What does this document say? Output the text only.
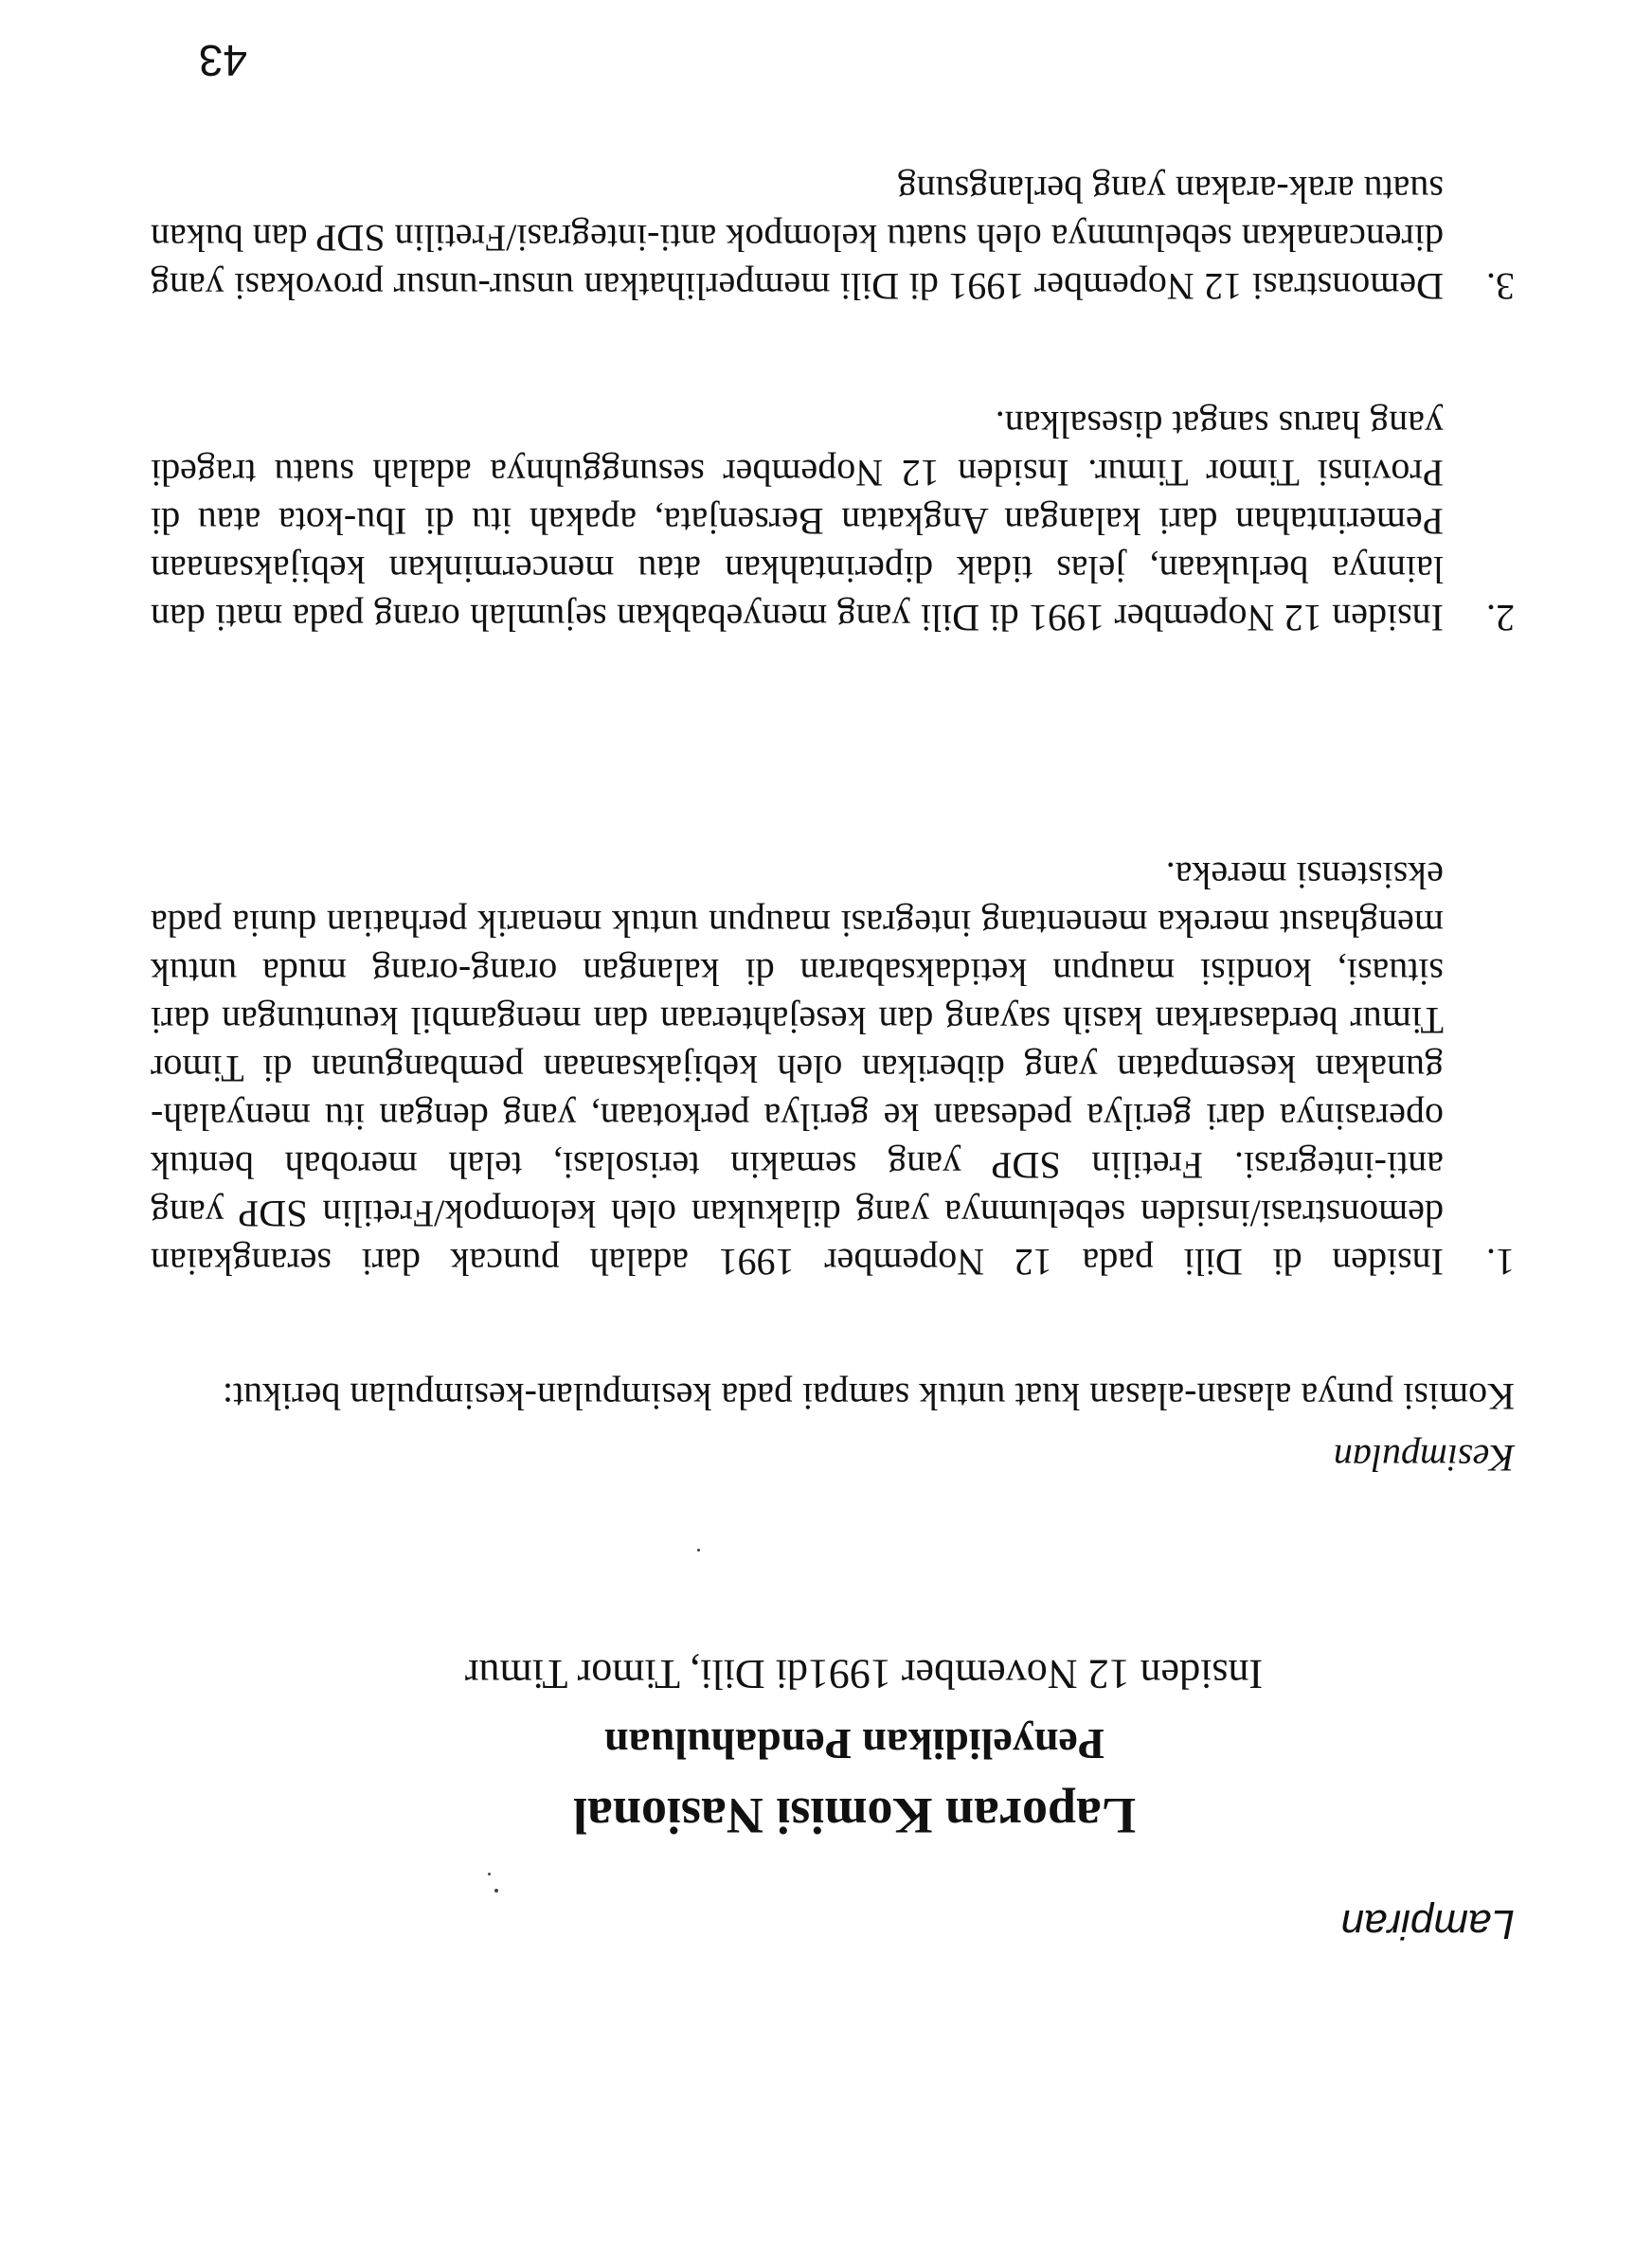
Lampiran
Laporan Komisi Nasional
Penyelidikan Pendahuluan
Insiden 12 November 1991di Dili, Timor Timur
Kesimpulan
Komisi punya alasan-alasan kuat untuk sampai pada kesimpulan-kesimpulan berikut:
1.
Insiden di Dili pada 12 Nopember 1991 adalah puncak dari serangkaian demonstrasi/insiden sebelumnya yang dilakukan oleh kelompok/Fretilin SDP yang anti-integrasi. Fretilin SDP yang semakin terisolasi, telah merobah bentuk operasinya dari gerilya pedesaan ke gerilya perkotaan, yang dengan itu menyalah-gunakan kesempatan yang diberikan oleh kebijaksanaan pembangunan di Timor Timur berdasarkan kasih sayang dan kesejahteraan dan mengambil keuntungan dari situasi, kondisi maupun ketidaksabaran di kalangan orang-orang muda untuk menghasut mereka menentang integrasi maupun untuk menarik perhatian dunia pada eksistensi mereka.
2.
Insiden 12 Nopember 1991 di Dili yang menyebabkan sejumlah orang pada mati dan lainnya berlukaan, jelas tidak diperintahkan atau mencerminkan kebijaksanaan Pemerintahan dari kalangan Angkatan Bersenjata, apakah itu di Ibu-kota atau di Provinsi Timor Timur. Insiden 12 Nopember sesungguhnya adalah suatu tragedi yang harus sangat disesalkan.
3.
Demonstrasi 12 Nopember 1991 di Dili memperlihatkan unsur-unsur provokasi yang direncanakan sebelumnya oleh suatu kelompok anti-integrasi/Fretilin SDP dan bukan suatu arak-arakan yang berlangsung
43
